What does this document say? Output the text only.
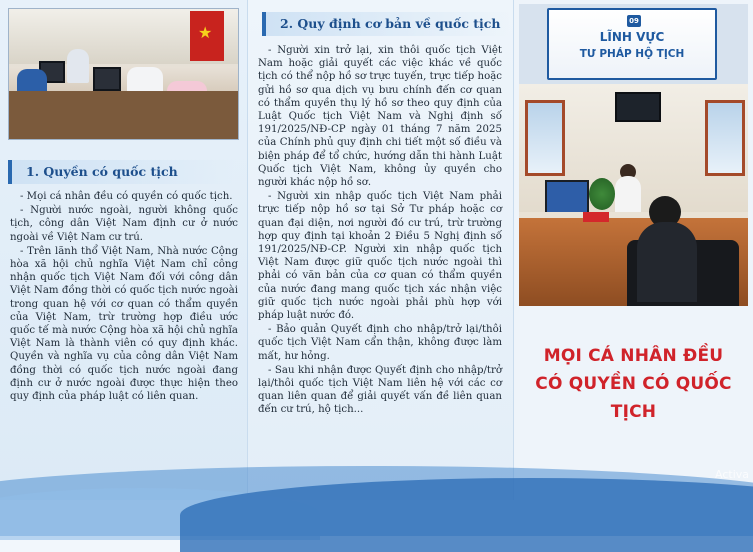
★
1. Quyền có quốc tịch

- Mọi cá nhân đều có quyền có quốc tịch.

- Người nước ngoài, người không quốc tịch, công dân Việt Nam định cư ở nước ngoài về Việt Nam cư trú.

- Trên lãnh thổ Việt Nam, Nhà nước Cộng hòa xã hội chủ nghĩa Việt Nam chỉ công nhận quốc tịch Việt Nam đối với công dân Việt Nam đồng thời có quốc tịch nước ngoài trong quan hệ với cơ quan có thẩm quyền của Việt Nam, trừ trường hợp điều ước quốc tế mà nước Cộng hòa xã hội chủ nghĩa Việt Nam là thành viên có quy định khác. Quyền và nghĩa vụ của công dân Việt Nam đồng thời có quốc tịch nước ngoài đang định cư ở nước ngoài được thực hiện theo quy định của pháp luật có liên quan.

2. Quy định cơ bản về quốc tịch

- Người xin trở lại, xin thôi quốc tịch Việt Nam hoặc giải quyết các việc khác về quốc tịch có thể nộp hồ sơ trực tuyến, trực tiếp hoặc gửi hồ sơ qua dịch vụ bưu chính đến cơ quan có thẩm quyền thụ lý hồ sơ theo quy định của Luật Quốc tịch Việt Nam và Nghị định số 191/2025/NĐ-CP ngày 01 tháng 7 năm 2025 của Chính phủ quy định chi tiết một số điều và biện pháp để tổ chức, hướng dẫn thi hành Luật Quốc tịch Việt Nam, không ủy quyền cho người khác nộp hồ sơ.

- Người xin nhập quốc tịch Việt Nam phải trực tiếp nộp hồ sơ tại Sở Tư pháp hoặc cơ quan đại diện, nơi người đó cư trú, trừ trường hợp quy định tại khoản 2 Điều 5 Nghị định số 191/2025/NĐ-CP. Người xin nhập quốc tịch Việt Nam được giữ quốc tịch nước ngoài thì phải có văn bản của cơ quan có thẩm quyền của nước đang mang quốc tịch xác nhận việc giữ quốc tịch nước ngoài phải phù hợp với pháp luật nước đó.

- Bảo quản Quyết định cho nhập/trở lại/thôi quốc tịch Việt Nam cẩn thận, không được làm mất, hư hỏng.

- Sau khi nhận được Quyết định cho nhập/trở lại/thôi quốc tịch Việt Nam liên hệ với các cơ quan liên quan để giải quyết vấn đề liên quan đến cư trú, hộ tịch...

09
LĨNH VỰC
TƯ PHÁP HỘ TỊCH
MỌI CÁ NHÂN ĐỀU
CÓ QUYỀN CÓ QUỐC TỊCH
Activa
